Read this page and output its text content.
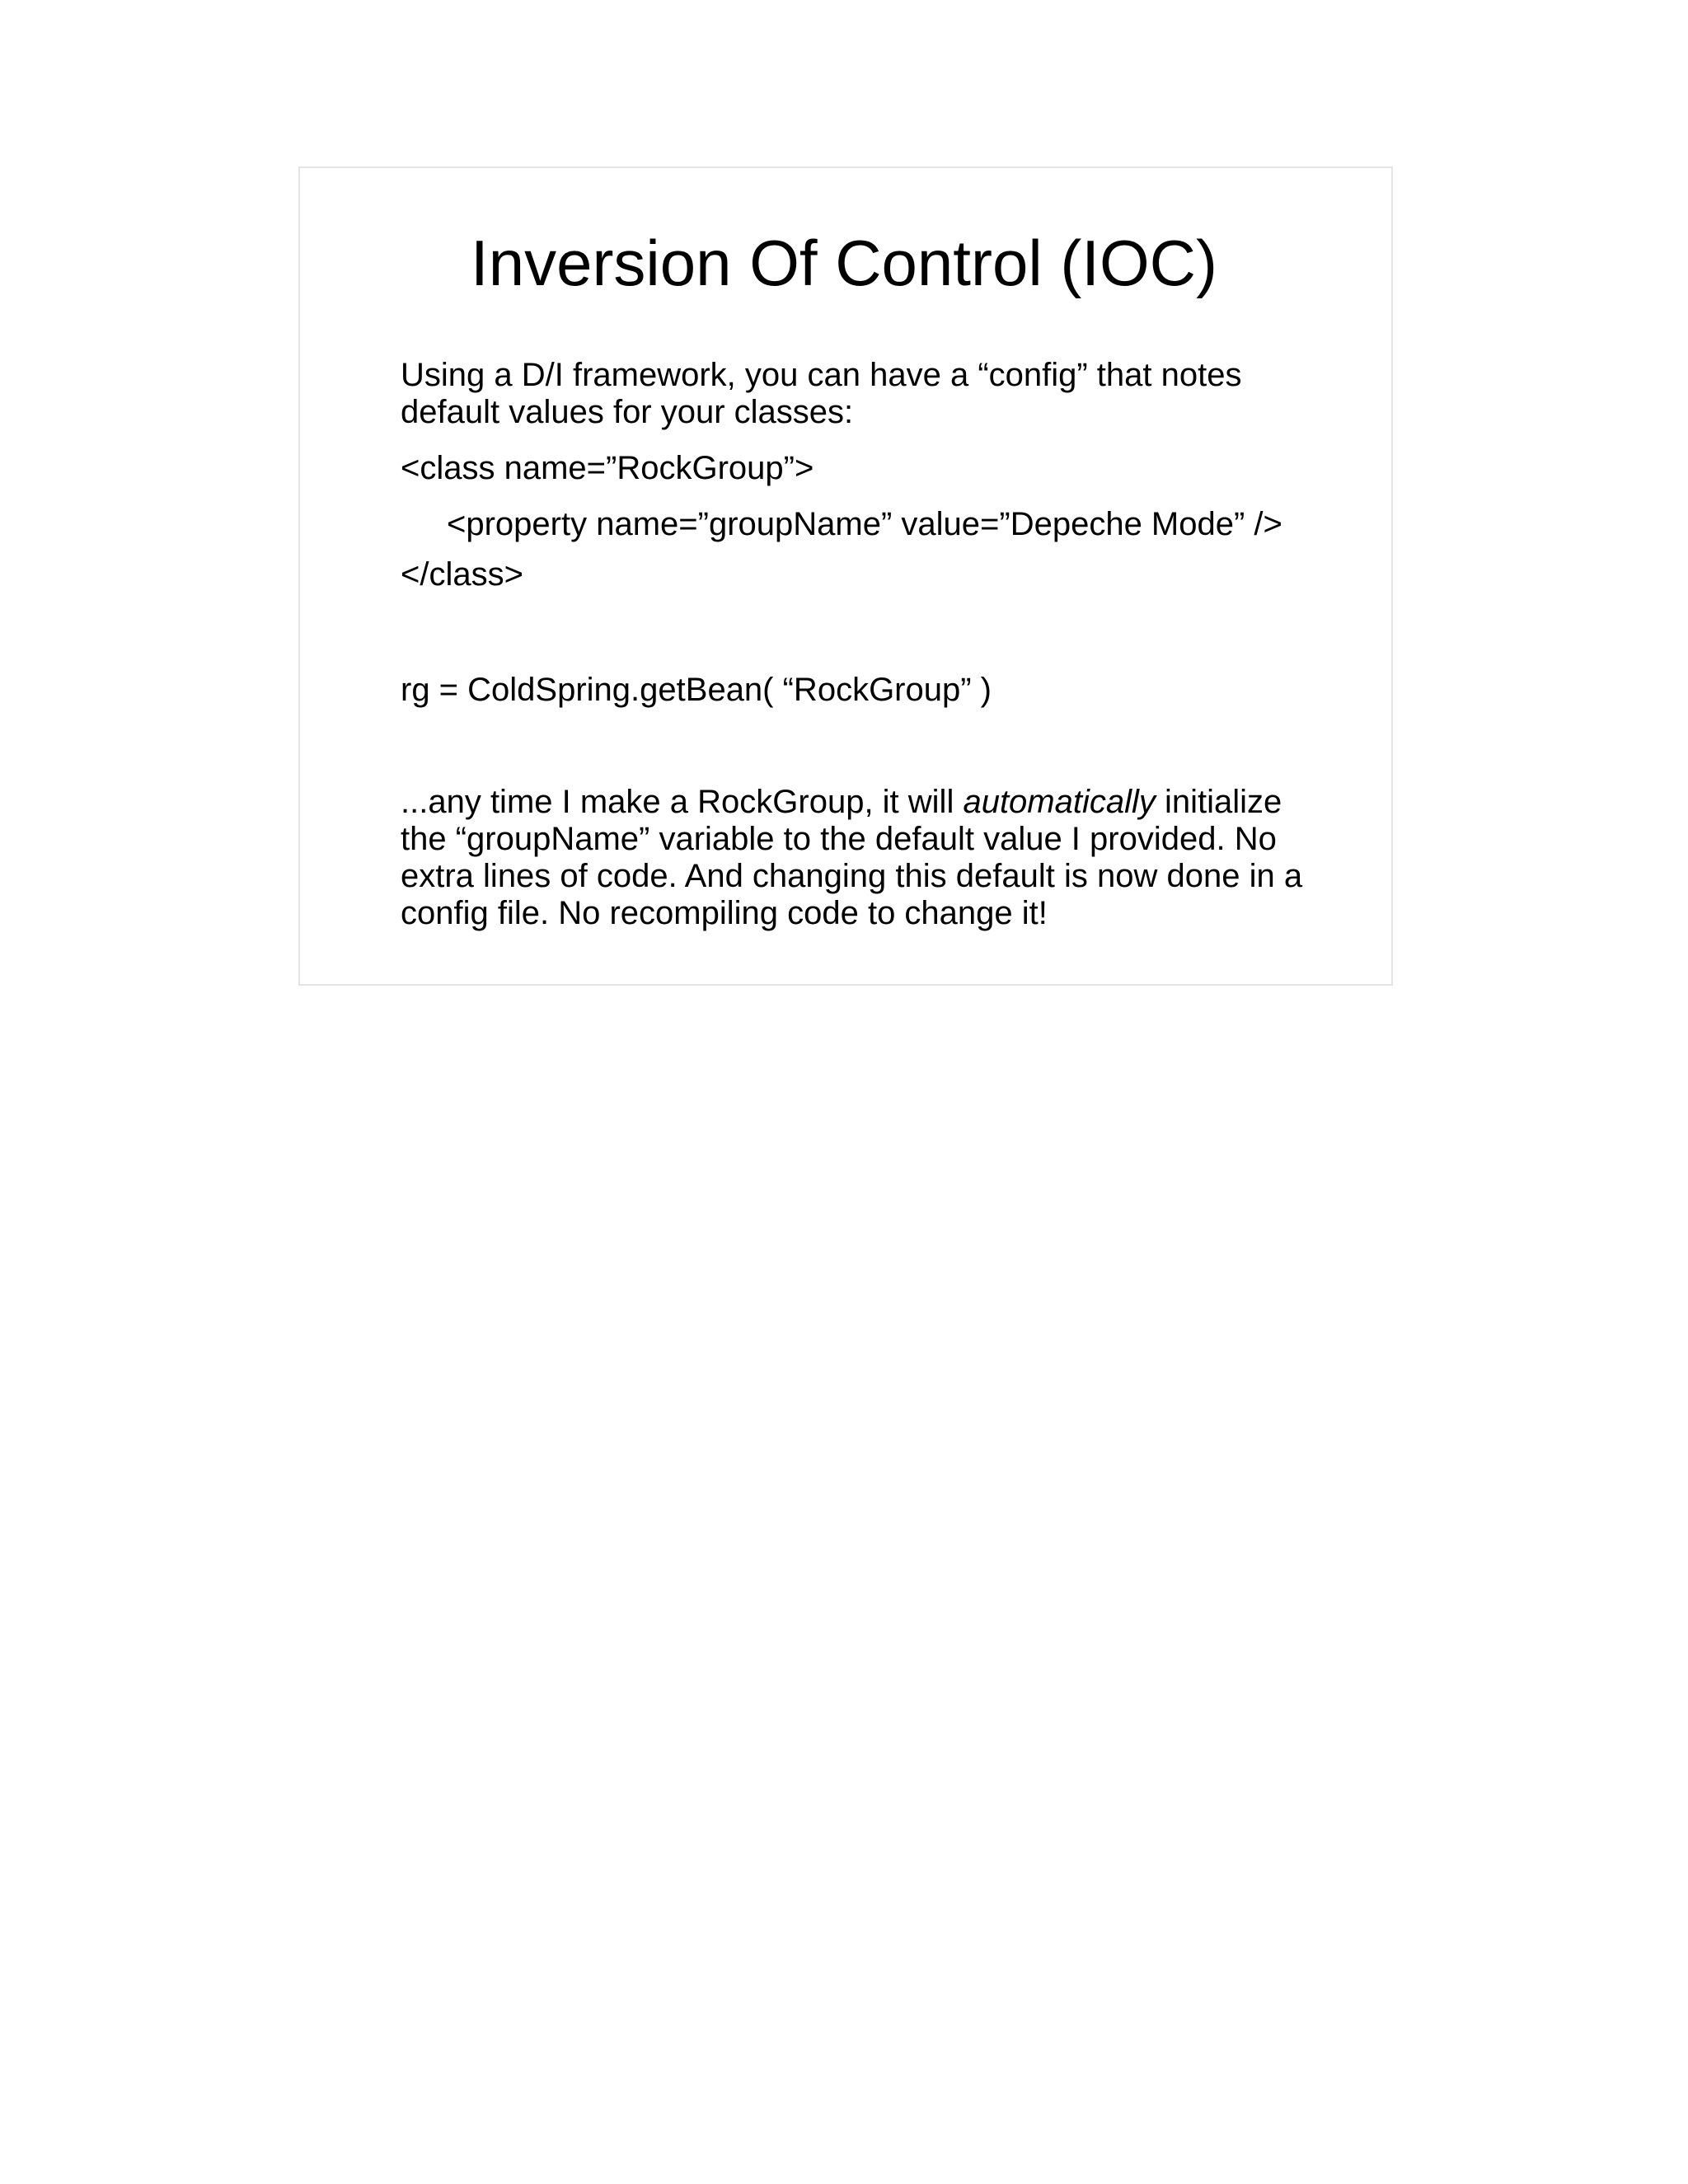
Inversion Of Control (IOC)
Using a D/I framework, you can have a “config” that notes
default values for your classes:
<class name=”RockGroup”>
<property name=”groupName” value=”Depeche Mode” />
</class>
rg = ColdSpring.getBean( “RockGroup” )
...any time I make a RockGroup, it will automatically initialize
the “groupName” variable to the default value I provided. No
extra lines of code. And changing this default is now done in a
config file. No recompiling code to change it!
